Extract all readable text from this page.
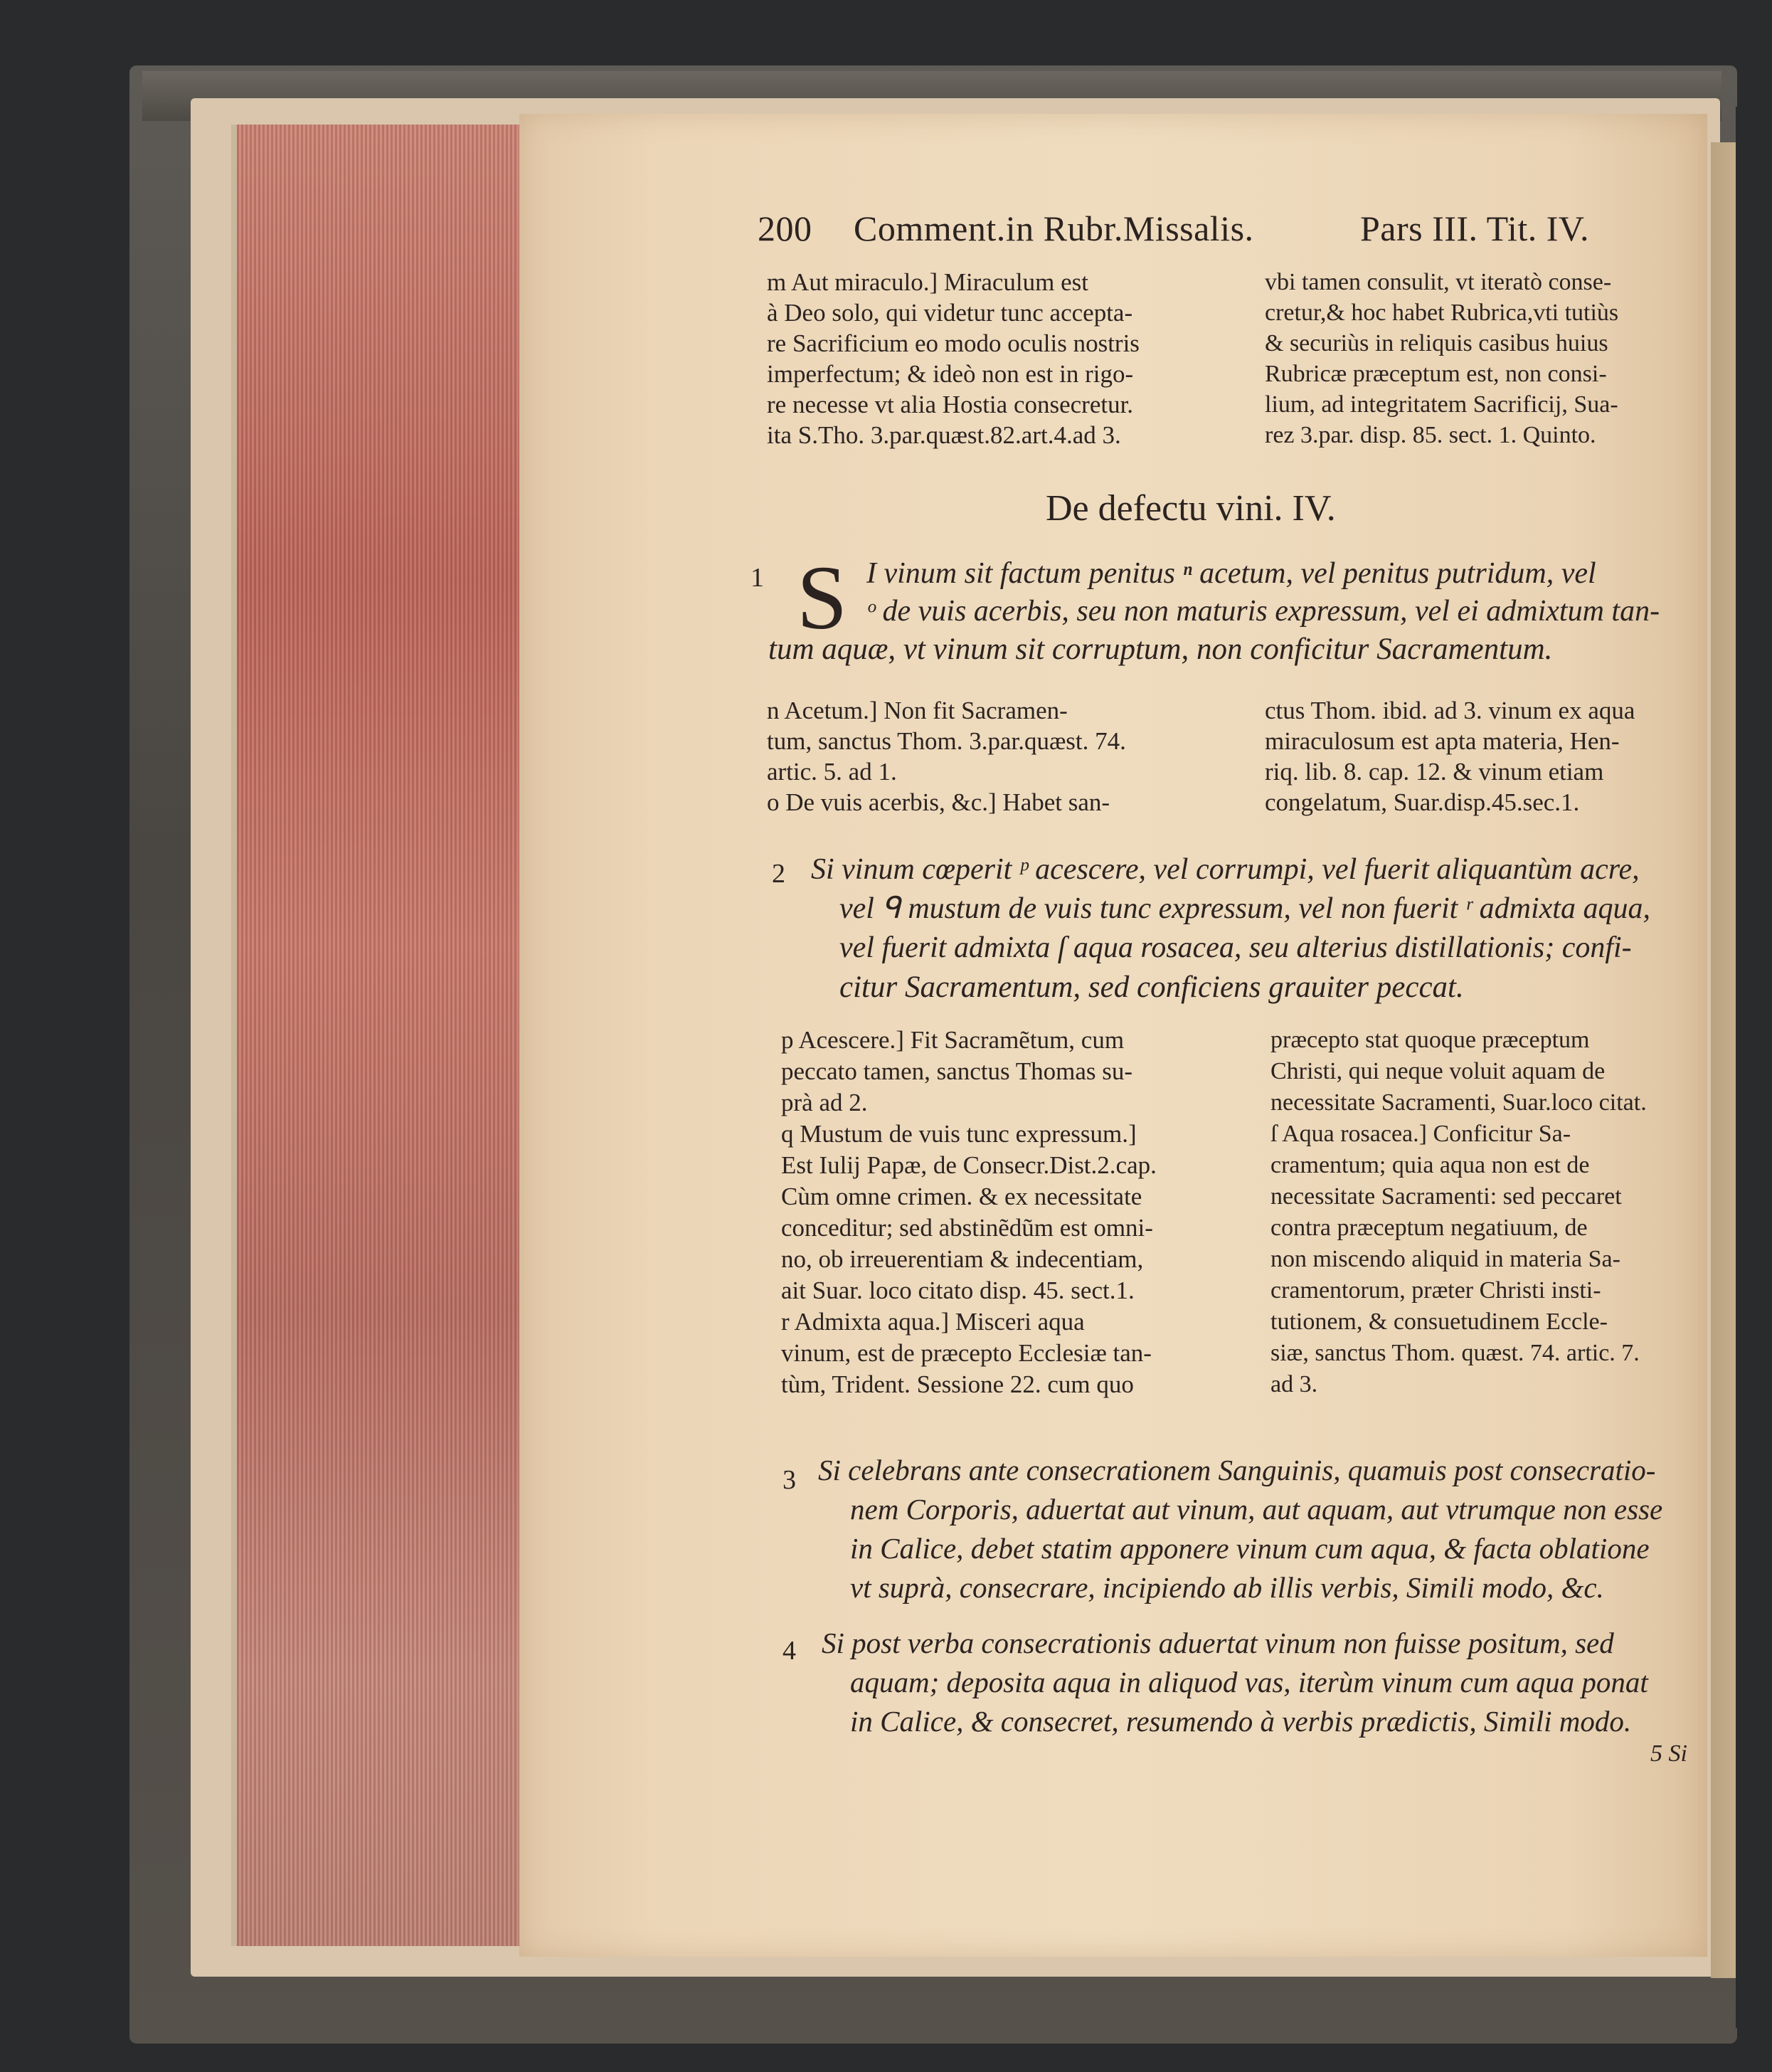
200 Comment.in Rubr.Missalis.	Pars III. Tit. IV.
m Aut miraculo.] Miraculum est
à Deo solo, qui videtur tunc accepta-
re Sacrificium eo modo oculis nostris
imperfectum; & ideò non est in rigo-
re necesse vt alia Hostia consecretur.
ita S.Tho. 3.par.quæst.82.art.4.ad 3.
vbi tamen consulit, vt iteratò conse-
cretur,& hoc habet Rubrica,vti tutiùs
& securiùs in reliquis casibus huius
Rubricæ præceptum est, non consi-
lium, ad integritatem Sacrificij, Sua-
rez 3.par. disp. 85. sect. 1. Quinto.
De defectu vini. IV.
1 S I vinum sit factum penitus ⁿ acetum, vel penitus putridum, vel
ᵒ de vuis acerbis, seu non maturis expressum, vel ei admixtum tan-
tum aquæ, vt vinum sit corruptum, non conficitur Sacramentum.
n Acetum.] Non fit Sacramen-
tum, sanctus Thom. 3.par.quæst. 74.
artic. 5. ad 1.
o De vuis acerbis, &c.] Habet san-
ctus Thom. ibid. ad 3. vinum ex aqua
miraculosum est apta materia, Hen-
riq. lib. 8. cap. 12. & vinum etiam
congelatum, Suar.disp.45.sec.1.
2 Si vinum cœperit ᵖ acescere, vel corrumpi, vel fuerit aliquantùm acre,
vel ᑫ mustum de vuis tunc expressum, vel non fuerit ʳ admixta aqua,
vel fuerit admixta ſ aqua rosacea, seu alterius distillationis; confi-
citur Sacramentum, sed conficiens grauiter peccat.
p Acescere.] Fit Sacramẽtum, cum
peccato tamen, sanctus Thomas su-
prà ad 2.
q Mustum de vuis tunc expressum.]
Est Iulij Papæ, de Consecr.Dist.2.cap.
Cùm omne crimen. & ex necessitate
conceditur; sed abstinẽdũm est omni-
no, ob irreuerentiam & indecentiam,
ait Suar. loco citato disp. 45. sect.1.
r Admixta aqua.] Misceri aqua
vinum, est de præcepto Ecclesiæ tan-
tùm, Trident. Sessione 22. cum quo
præcepto stat quoque præceptum
Christi, qui neque voluit aquam de
necessitate Sacramenti, Suar.loco citat.
ſ Aqua rosacea.] Conficitur Sa-
cramentum; quia aqua non est de
necessitate Sacramenti: sed peccaret
contra præceptum negatiuum, de
non miscendo aliquid in materia Sa-
cramentorum, præter Christi insti-
tutionem, & consuetudinem Eccle-
siæ, sanctus Thom. quæst. 74. artic. 7.
ad 3.
3 Si celebrans ante consecrationem Sanguinis, quamuis post consecratio-
nem Corporis, aduertat aut vinum, aut aquam, aut vtrumque non esse
in Calice, debet statim apponere vinum cum aqua, & facta oblatione
vt suprà, consecrare, incipiendo ab illis verbis, Simili modo, &c.
4 Si post verba consecrationis aduertat vinum non fuisse positum, sed
aquam; deposita aqua in aliquod vas, iterùm vinum cum aqua ponat
in Calice, & consecret, resumendo à verbis prædictis, Simili modo.
5 Si
